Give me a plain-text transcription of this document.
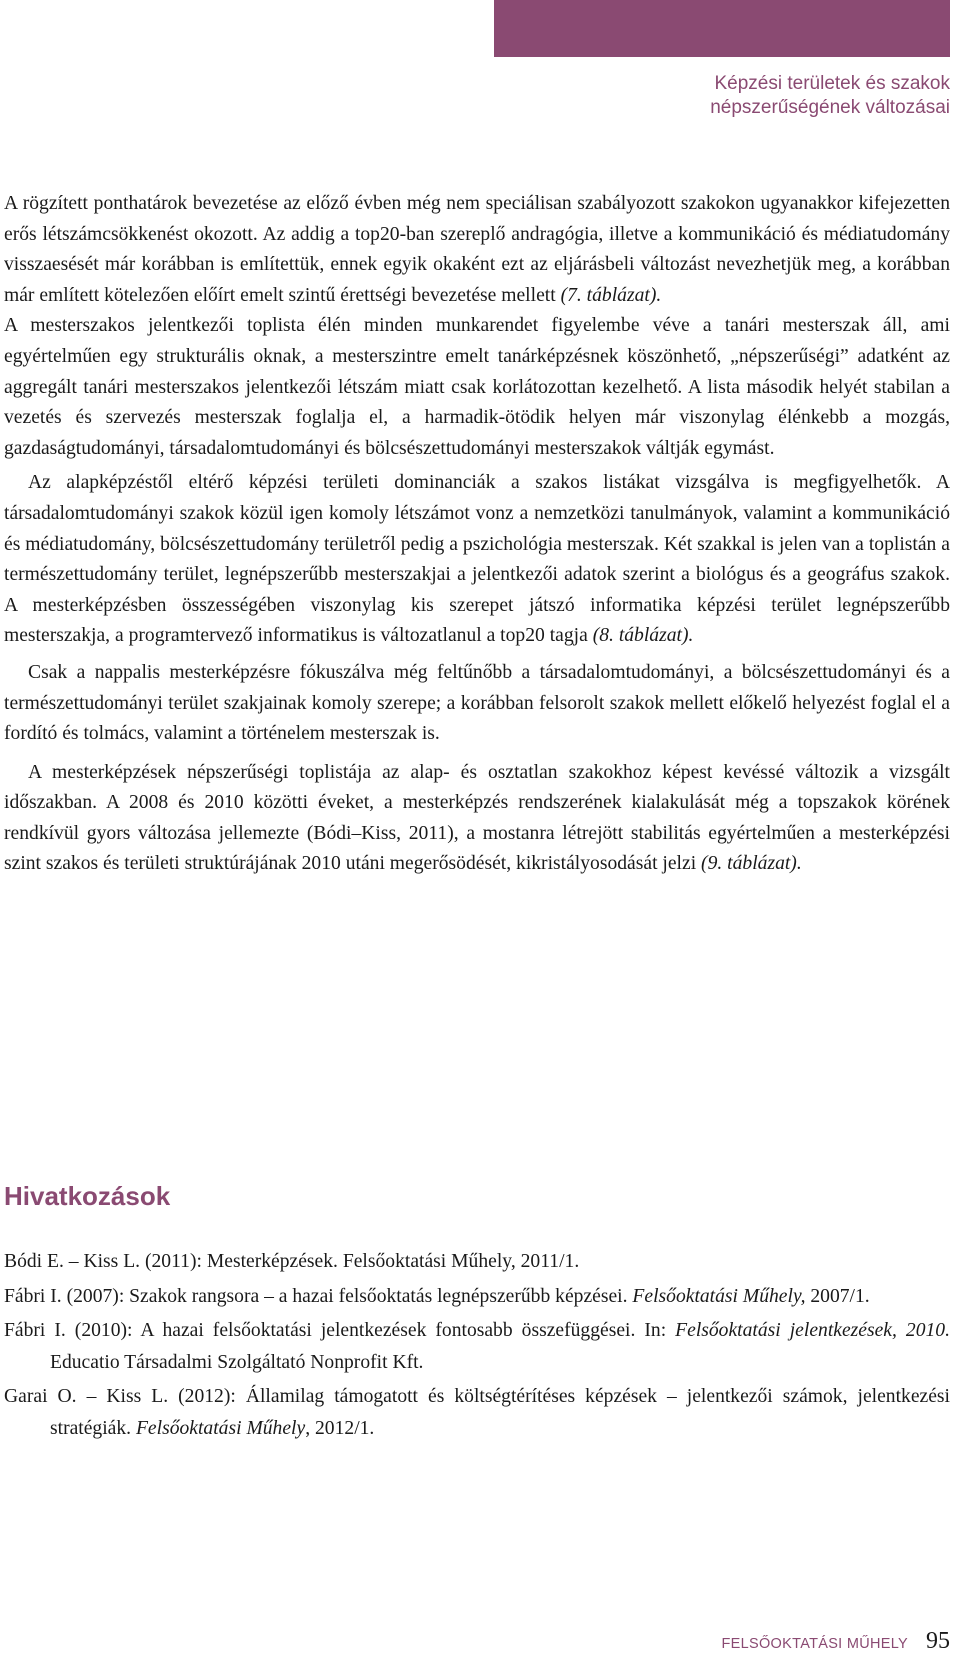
Képzési területek és szakok
népszerűségének változásai

A rögzített ponthatárok bevezetése az előző évben még nem speciálisan szabályozott szakokon ugyanakkor kifejezetten erős létszámcsökkenést okozott. Az addig a top20-ban szereplő andragógia, illetve a kommunikáció és médiatudomány visszaesését már korábban is említettük, ennek egyik okaként ezt az eljárásbeli változást nevezhetjük meg, a korábban már említett kötelezően előírt emelt szintű érettségi bevezetése mellett (7. táblázat).

A mesterszakos jelentkezői toplista élén minden munkarendet figyelembe véve a tanári mesterszak áll, ami egyértelműen egy strukturális oknak, a mesterszintre emelt tanárképzésnek köszönhető, „népszerűségi” adatként az aggregált tanári mesterszakos jelentkezői létszám miatt csak korlátozottan kezelhető. A lista második helyét stabilan a vezetés és szervezés mesterszak foglalja el, a harmadik-ötödik helyen már viszonylag élénkebb a mozgás, gazdaságtudományi, társadalomtudományi és bölcsészettudományi mesterszakok váltják egymást.

Az alapképzéstől eltérő képzési területi dominanciák a szakos listákat vizsgálva is megfigyelhetők. A társadalomtudományi szakok közül igen komoly létszámot vonz a nemzetközi tanulmányok, valamint a kommunikáció és médiatudomány, bölcsészettudomány területről pedig a pszichológia mesterszak. Két szakkal is jelen van a toplistán a természettudomány terület, legnépszerűbb mesterszakjai a jelentkezői adatok szerint a biológus és a geográfus szakok. A mesterképzésben összességében viszonylag kis szerepet játszó informatika képzési terület legnépszerűbb mesterszakja, a programtervező informatikus is változatlanul a top20 tagja (8. táblázat).

Csak a nappalis mesterképzésre fókuszálva még feltűnőbb a társadalomtudományi, a bölcsészettudományi és a természettudományi terület szakjainak komoly szerepe; a korábban felsorolt szakok mellett előkelő helyezést foglal el a fordító és tolmács, valamint a történelem mesterszak is.

A mesterképzések népszerűségi toplistája az alap- és osztatlan szakokhoz képest kevéssé változik a vizsgált időszakban. A 2008 és 2010 közötti éveket, a mesterképzés rendszerének kialakulását még a topszakok körének rendkívül gyors változása jellemezte (Bódi–Kiss, 2011), a mostanra létrejött stabilitás egyértelműen a mesterképzési szint szakos és területi struktúrájának 2010 utáni megerősödését, kikristályosodását jelzi (9. táblázat).

Hivatkozások

Bódi E. – Kiss L. (2011): Mesterképzések. Felsőoktatási Műhely, 2011/1.

Fábri I. (2007): Szakok rangsora – a hazai felsőoktatás legnépszerűbb képzései. Felsőoktatási Műhely, 2007/1.

Fábri I. (2010): A hazai felsőoktatási jelentkezések fontosabb összefüggései. In: Felsőoktatási jelentkezések, 2010. Educatio Társadalmi Szolgáltató Nonprofit Kft.

Garai O. – Kiss L. (2012): Államilag támogatott és költségtérítéses képzések – jelentkezői számok, jelentkezési stratégiák. Felsőoktatási Műhely, 2012/1.

FELSŐOKTATÁSI MŰHELY 95
